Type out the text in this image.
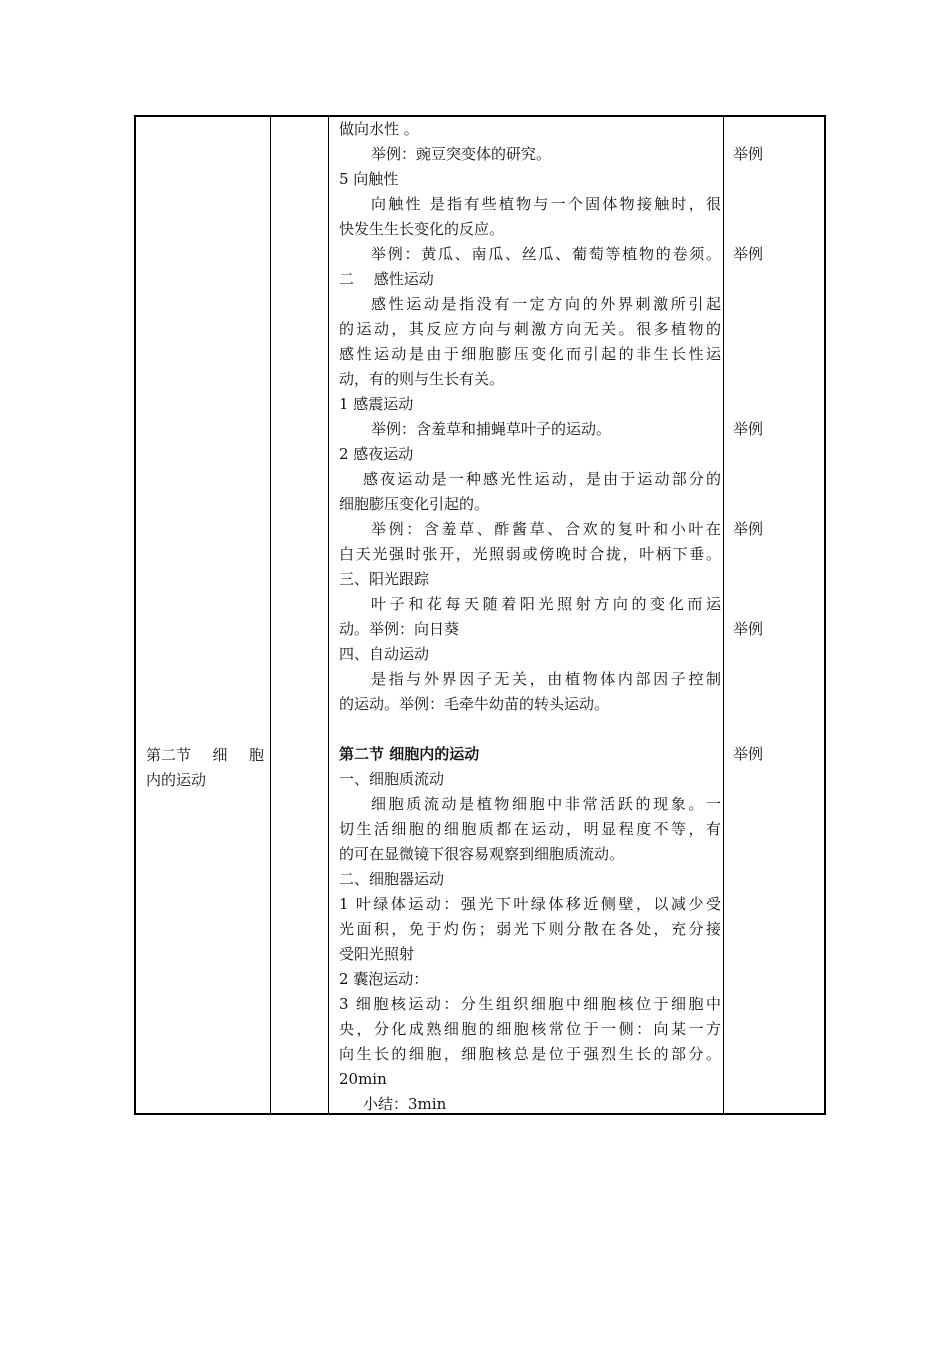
第二节 细 胞
内的运动
做向水性 。
举例：豌豆突变体的研究。
5 向触性
向触性 是指有些植物与一个固体物接触时，很
快发生生长变化的反应。
举例：黄瓜、南瓜、丝瓜、葡萄等植物的卷须。
二　 感性运动
感性运动是指没有一定方向的外界刺激所引起
的运动，其反应方向与刺激方向无关。很多植物的
感性运动是由于细胞膨压变化而引起的非生长性运
动，有的则与生长有关。
1 感震运动
举例：含羞草和捕蝇草叶子的运动。
2 感夜运动
感夜运动是一种感光性运动，是由于运动部分的
细胞膨压变化引起的。
举例：含羞草、酢酱草、合欢的复叶和小叶在
白天光强时张开，光照弱或傍晚时合拢，叶柄下垂。
三、阳光跟踪
叶子和花每天随着阳光照射方向的变化而运
动。举例：向日葵
四、自动运动
是指与外界因子无关，由植物体内部因子控制
的运动。举例：毛牵牛幼苗的转头运动。
第二节 细胞内的运动
一、细胞质流动
细胞质流动是植物细胞中非常活跃的现象。一
切生活细胞的细胞质都在运动，明显程度不等，有
的可在显微镜下很容易观察到细胞质流动。
二、细胞器运动
1 叶绿体运动：强光下叶绿体移近侧壁，以减少受
光面积，免于灼伤；弱光下则分散在各处，充分接
受阳光照射
2 囊泡运动：
3 细胞核运动：分生组织细胞中细胞核位于细胞中
央，分化成熟细胞的细胞核常位于一侧：向某一方
向生长的细胞，细胞核总是位于强烈生长的部分。
20min
小结：3min
举例
举例
举例
举例
举例
举例
